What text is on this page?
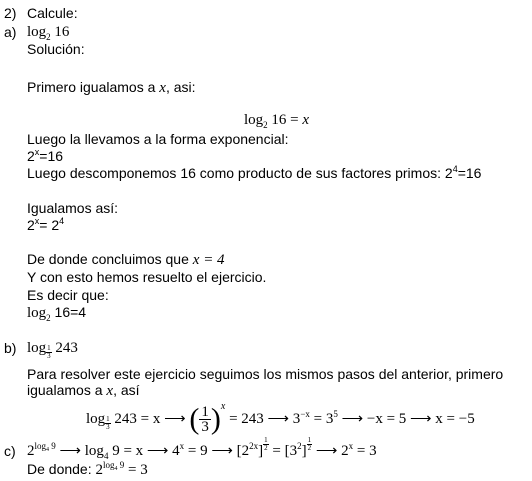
2) Calcule:
a) $\log_2 16$
Solución:
Primero igualamos a x, asi:
$\log_2 16 = x$
Luego la llevamos a la forma exponencial:
$2^x=16$
Luego descomponemos 16 como producto de sus factores primos: $2^4=16$
Igualamos así:
$2^x= 2^4$
De donde concluimos que x = 4
Y con esto hemos resuelto el ejercicio.
Es decir que:
$\log_2 16=4$
b) $\log \frac{1}{3} 243$
Para resolver este ejercicio seguimos los mismos pasos del anterior, primero
igualamos a x, así
$\log \frac{1}{3} 243 = x$ ⟶ ( $\frac{1}{3} )^x = 243$ ⟶ $3^{-x} = 3^5$ ⟶ −x = 5 ⟶ x = −5
c) $2^{log_4 9}$ ⟶ $\log_4 9 = x$ ⟶ $4^x = 9$ ⟶ $[2^{2x}] \frac{1}{2} = [3^2] \frac{1}{2}$ ⟶ $2^x = 3$
De donde: $2^{log_4 9} = 3$
